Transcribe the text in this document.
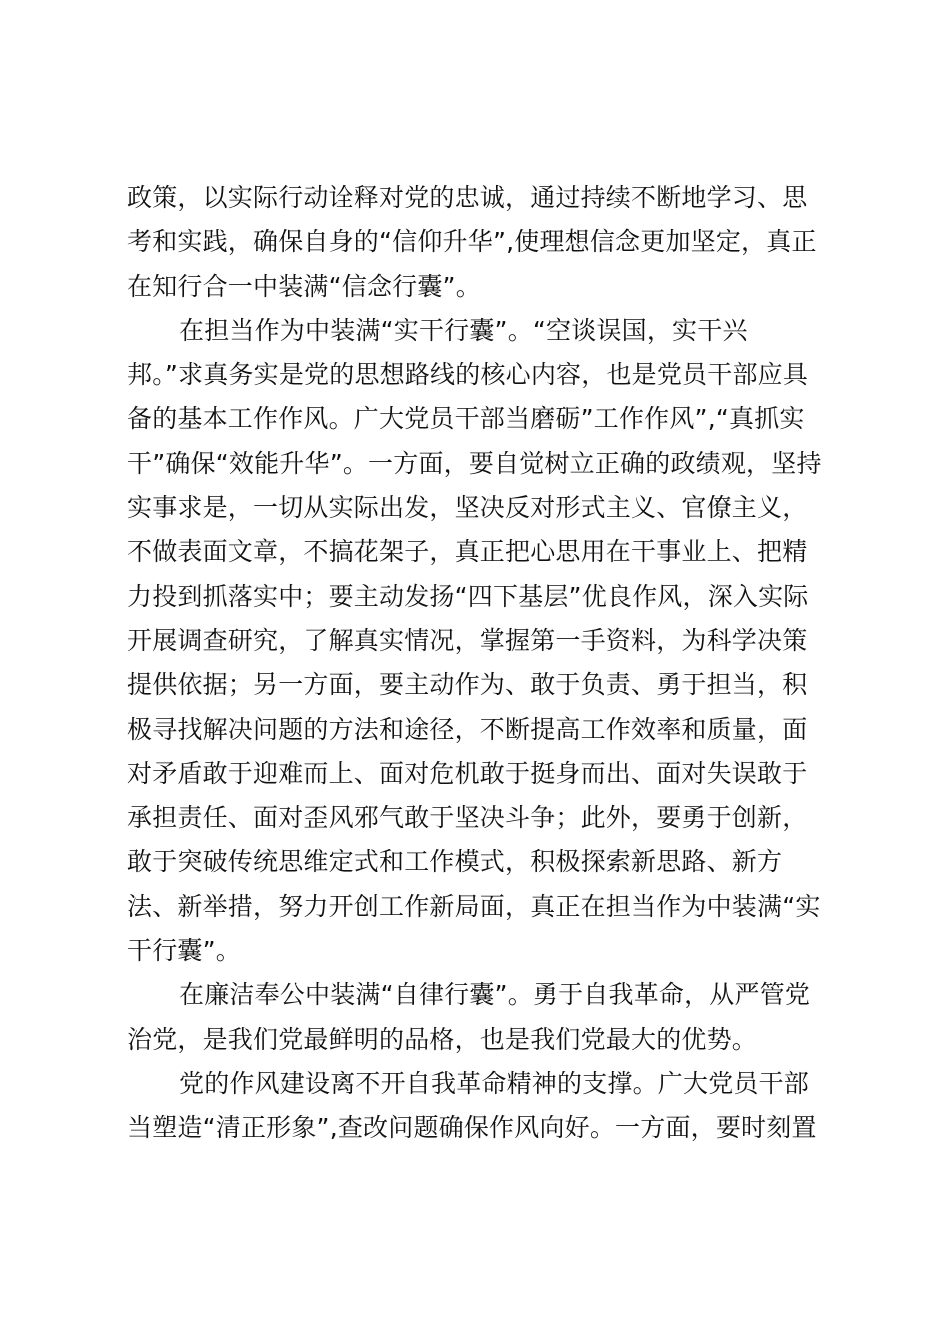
政策，以实际行动诠释对党的忠诚，通过持续不断地学习、思
考和实践，确保自身的“信仰升华”,使理想信念更加坚定，真正
在知行合一中装满“信念行囊”。

在担当作为中装满“实干行囊”。“空谈误国，实干兴
邦。”求真务实是党的思想路线的核心内容，也是党员干部应具
备的基本工作作风。广大党员干部当磨砺”工作作风”,“真抓实
干”确保“效能升华”。一方面，要自觉树立正确的政绩观，坚持
实事求是，一切从实际出发，坚决反对形式主义、官僚主义，
不做表面文章，不搞花架子，真正把心思用在干事业上、把精
力投到抓落实中；要主动发扬“四下基层”优良作风，深入实际
开展调查研究，了解真实情况，掌握第一手资料，为科学决策
提供依据；另一方面，要主动作为、敢于负责、勇于担当，积
极寻找解决问题的方法和途径，不断提高工作效率和质量，面
对矛盾敢于迎难而上、面对危机敢于挺身而出、面对失误敢于
承担责任、面对歪风邪气敢于坚决斗争；此外，要勇于创新，
敢于突破传统思维定式和工作模式，积极探索新思路、新方
法、新举措，努力开创工作新局面，真正在担当作为中装满“实
干行囊”。

在廉洁奉公中装满“自律行囊”。勇于自我革命，从严管党
治党，是我们党最鲜明的品格，也是我们党最大的优势。

党的作风建设离不开自我革命精神的支撑。广大党员干部
当塑造“清正形象”,查改问题确保作风向好。一方面，要时刻置
